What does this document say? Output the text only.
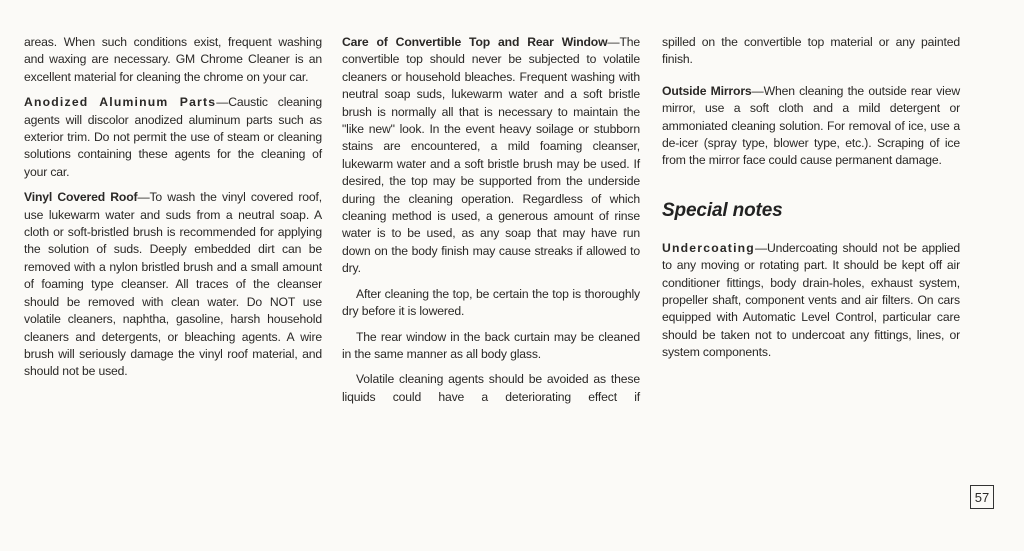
areas. When such conditions exist, frequent washing and waxing are necessary. GM Chrome Cleaner is an excellent material for cleaning the chrome on your car.

Anodized Aluminum Parts—Caustic cleaning agents will discolor anodized aluminum parts such as exterior trim. Do not permit the use of steam or cleaning solutions containing these agents for the cleaning of your car.

Vinyl Covered Roof—To wash the vinyl covered roof, use lukewarm water and suds from a neutral soap. A cloth or soft-bristled brush is recommended for applying the solution of suds. Deeply embedded dirt can be removed with a nylon bristled brush and a small amount of foaming type cleanser. All traces of the cleanser should be removed with clean water. Do NOT use volatile cleaners, naphtha, gasoline, harsh household cleaners and detergents, or bleaching agents. A wire brush will seriously damage the vinyl roof material, and should not be used.

Care of Convertible Top and Rear Window—The convertible top should never be subjected to volatile cleaners or household bleaches. Frequent washing with neutral soap suds, lukewarm water and a soft bristle brush is normally all that is necessary to maintain the "like new" look. In the event heavy soilage or stubborn stains are encountered, a mild foaming cleanser, lukewarm water and a soft bristle brush may be used. If desired, the top may be supported from the underside during the cleaning operation. Regardless of which cleaning method is used, a generous amount of rinse water is to be used, as any soap that may have run down on the body finish may cause streaks if allowed to dry.

After cleaning the top, be certain the top is thoroughly dry before it is lowered.

The rear window in the back curtain may be cleaned in the same manner as all body glass.

Volatile cleaning agents should be avoided as these liquids could have a deteriorating effect if

spilled on the convertible top material or any painted finish.

Outside Mirrors—When cleaning the outside rear view mirror, use a soft cloth and a mild detergent or ammoniated cleaning solution. For removal of ice, use a de-icer (spray type, blower type, etc.). Scraping of ice from the mirror face could cause permanent damage.

Special notes

Undercoating—Undercoating should not be applied to any moving or rotating part. It should be kept off air conditioner fittings, body drain-holes, exhaust system, propeller shaft, component vents and air filters. On cars equipped with Automatic Level Control, particular care should be taken not to undercoat any fittings, lines, or system components.

57
